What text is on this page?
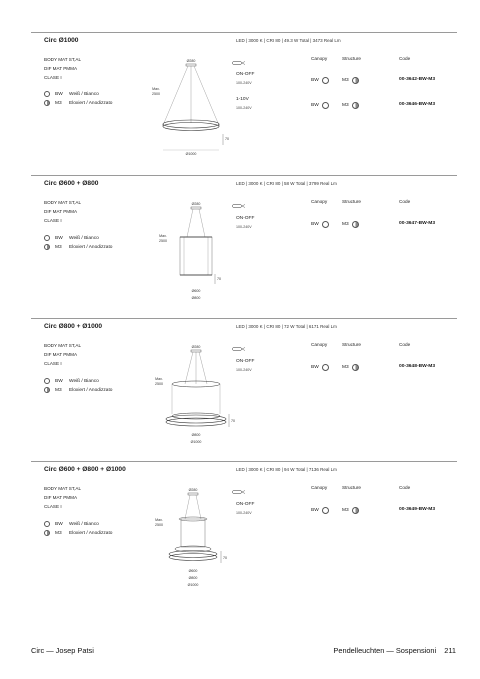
Circ Ø1000	LED | 3000 K | CRI 80 | 49.3 W Total | 3473 Real Lm
BODY MAT ST,AL
DIF MAT PMMA
CLASE I
BW	Weiß / Bianco
M3	Eloxiert / Anodizzato
Ø280
Max.
2500
70
Ø1000
Canopy	Structure	Code
ON-OFF
100-240V	BW	M3	00-3642-BW-M3
1-10V
100-240V	BW	M3	00-3646-BW-M3
Circ Ø600 + Ø800	LED | 3000 K | CRI 80 | 58 W Total | 3799 Real Lm
BODY MAT ST,AL
DIF MAT PMMA
CLASE I
BW	Weiß / Bianco
M3	Eloxiert / Anodizzato
Ø280
Max.
2500
70
Ø600
Ø800
Canopy	Structure	Code
ON-OFF
100-240V	BW	M3	00-3647-BW-M3
Circ Ø800 + Ø1000	LED | 3000 K | CRI 80 | 72 W Total | 6171 Real Lm
BODY MAT ST,AL
DIF MAT PMMA
CLASE I
BW	Weiß / Bianco
M3	Eloxiert / Anodizzato
Ø280
Max.
2500
70
Ø800
Ø1000
Canopy	Structure	Code
ON-OFF
100-240V	BW	M3	00-3648-BW-M3
Circ Ø600 + Ø800 + Ø1000	LED | 3000 K | CRI 80 | 94 W Total | 7136 Real Lm
BODY MAT ST,AL
DIF MAT PMMA
CLASE I
BW	Weiß / Bianco
M3	Eloxiert / Anodizzato
Ø280
Max.
2500
70
Ø600
Ø800
Ø1000
Canopy	Structure	Code
ON-OFF
100-240V	BW	M3	00-3649-BW-M3
Circ — Josep Patsi	Pendelleuchten — Sospensioni 211
